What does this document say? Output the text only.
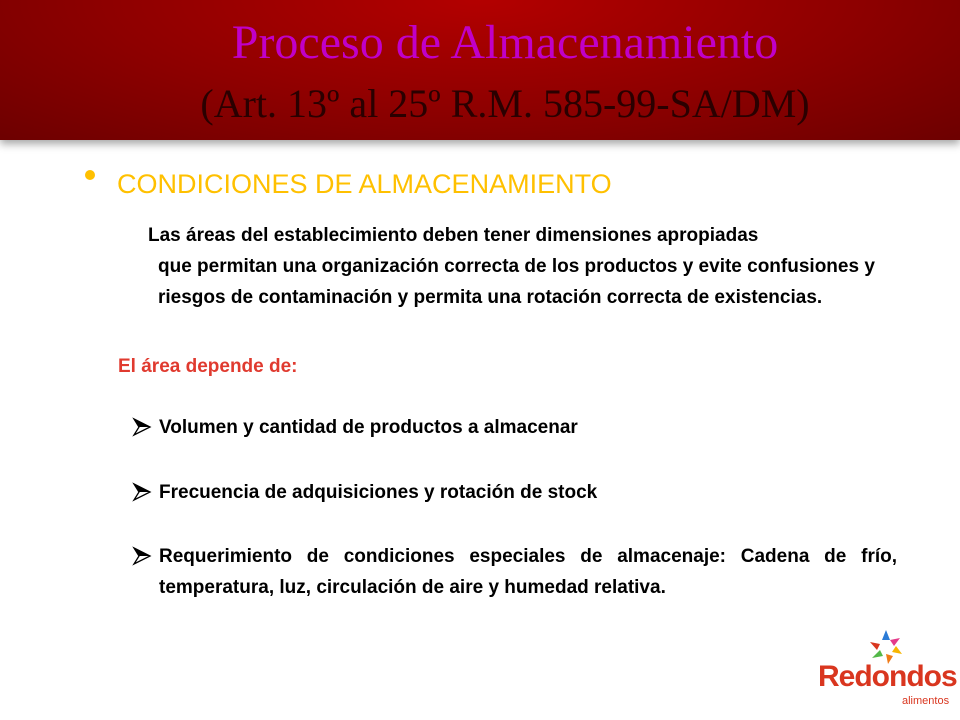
Proceso de Almacenamiento
(Art. 13º al 25º R.M. 585-99-SA/DM)
CONDICIONES DE ALMACENAMIENTO
Las áreas del establecimiento deben tener dimensiones apropiadas
que permitan una organización correcta de los productos y evite confusiones y riesgos de contaminación y permita una rotación correcta de existencias.
El área depende de:
Volumen y cantidad de productos a almacenar
Frecuencia de adquisiciones y rotación de stock
Requerimiento de condiciones especiales de almacenaje: Cadena de frío, temperatura, luz, circulación de aire y humedad relativa.
Redondos
alimentos
